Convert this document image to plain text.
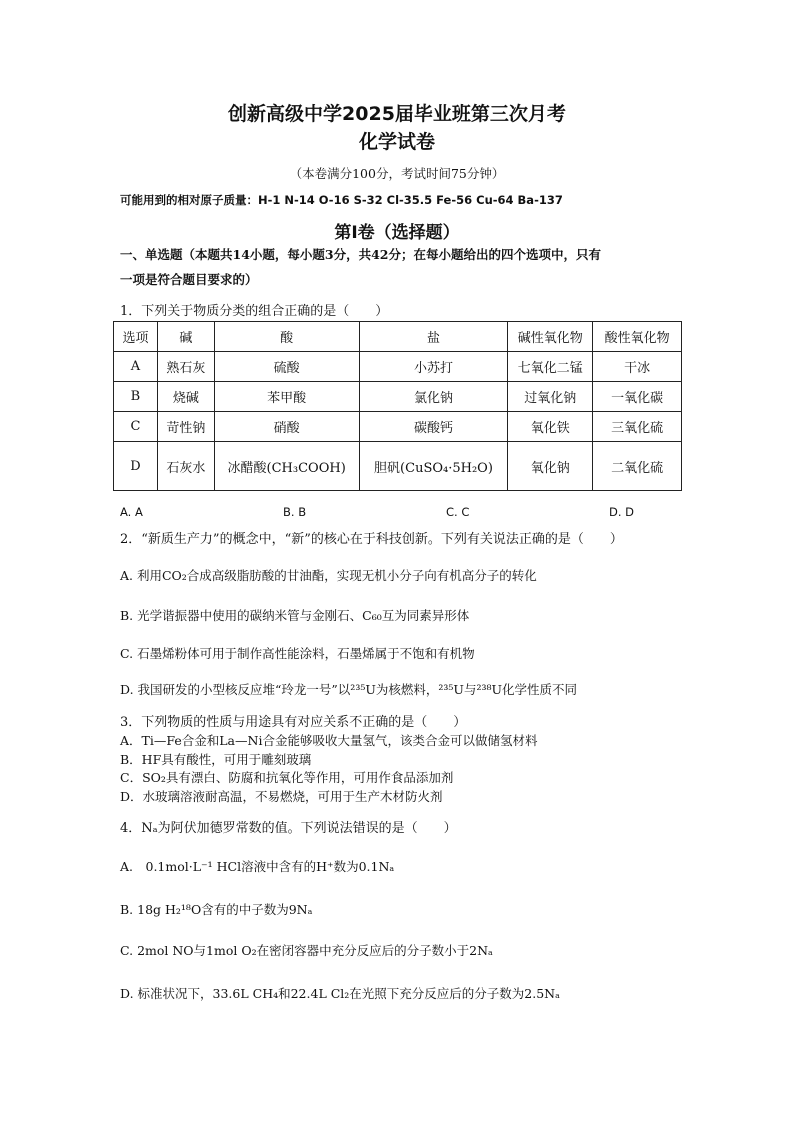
创新高级中学2025届毕业班第三次月考
化学试卷
（本卷满分100分，考试时间75分钟）
可能用到的相对原子质量：H-1 N-14 O-16 S-32 Cl-35.5 Fe-56 Cu-64 Ba-137
第I卷（选择题）
一、单选题（本题共14小题，每小题3分，共42分；在每小题给出的四个选项中，只有
一项是符合题目要求的）
1．下列关于物质分类的组合正确的是（　　）
选项	碱	酸	盐	碱性氧化物	酸性氧化物
A	熟石灰	硫酸	小苏打	七氧化二锰	干冰
B	烧碱	苯甲酸	氯化钠	过氧化钠	一氧化碳
C	苛性钠	硝酸	碳酸钙	氧化铁	三氧化硫
D	石灰水	冰醋酸(CH₃COOH)	胆矾(CuSO₄·5H₂O)	氧化钠	二氧化硫
A. A	B. B	C. C	D. D
2．“新质生产力”的概念中，“新”的核心在于科技创新。下列有关说法正确的是（　　）
A. 利用CO₂合成高级脂肪酸的甘油酯，实现无机小分子向有机高分子的转化
B. 光学谐振器中使用的碳纳米管与金刚石、C₆₀互为同素异形体
C. 石墨烯粉体可用于制作高性能涂料，石墨烯属于不饱和有机物
D. 我国研发的小型核反应堆“玲龙一号”以²³⁵U为核燃料，²³⁵U与²³⁸U化学性质不同
3．下列物质的性质与用途具有对应关系不正确的是（　　）
A．Ti—Fe合金和La—Ni合金能够吸收大量氢气，该类合金可以做储氢材料
B．HF具有酸性，可用于雕刻玻璃
C．SO₂具有漂白、防腐和抗氧化等作用，可用作食品添加剂
D．水玻璃溶液耐高温，不易燃烧，可用于生产木材防火剂
4．Nₐ为阿伏加德罗常数的值。下列说法错误的是（　　）
A.　0.1mol·L⁻¹ HCl溶液中含有的H⁺数为0.1Nₐ
B. 18g H₂¹⁸O含有的中子数为9Nₐ
C. 2mol NO与1mol O₂在密闭容器中充分反应后的分子数小于2Nₐ
D. 标准状况下，33.6L CH₄和22.4L Cl₂在光照下充分反应后的分子数为2.5Nₐ
